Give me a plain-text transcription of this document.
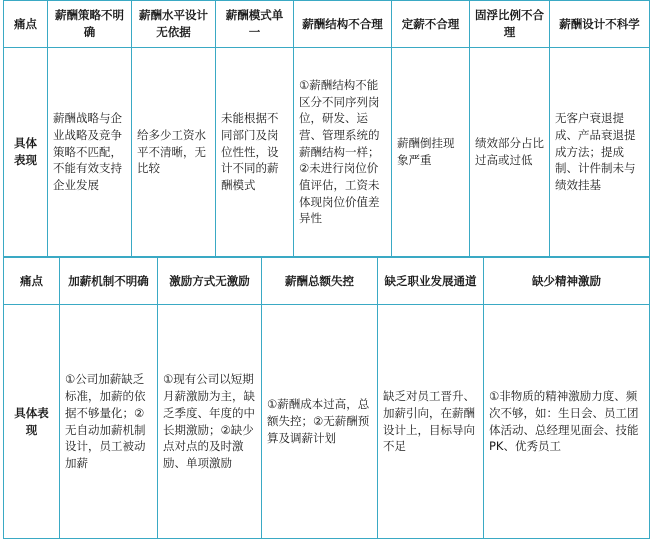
痛点	薪酬策略不明确	薪酬水平设计无依据	薪酬模式单一	薪酬结构不合理	定薪不合理	固浮比例不合理	薪酬设计不科学
具体表现	薪酬战略与企业战略及竞争策略不匹配，不能有效支持企业发展	给多少工资水平不清晰，无比较	未能根据不同部门及岗位性性，设计不同的薪酬模式	①薪酬结构不能区分不同序列岗位，研发、运营、管理系统的薪酬结构一样；②未进行岗位价值评估，工资未体现岗位价值差异性	薪酬倒挂现象严重	绩效部分占比过高或过低	无客户衰退提成、产品衰退提成方法；提成制、计件制未与绩效挂基
痛点	加薪机制不明确	激励方式无激励	薪酬总额失控	缺乏职业发展通道	缺少精神激励
具体表现	①公司加薪缺乏标准，加薪的依据不够量化；②无自动加薪机制设计，员工被动加薪	①现有公司以短期月薪激励为主，缺乏季度、年度的中长期激励；②缺少点对点的及时激励、单项激励	①薪酬成本过高，总额失控；②无薪酬预算及调薪计划	缺乏对员工晋升、加薪引向，在薪酬设计上，目标导向不足	①非物质的精神激励力度、频次不够，如：生日会、员工团体活动、总经理见面会、技能PK、优秀员工
